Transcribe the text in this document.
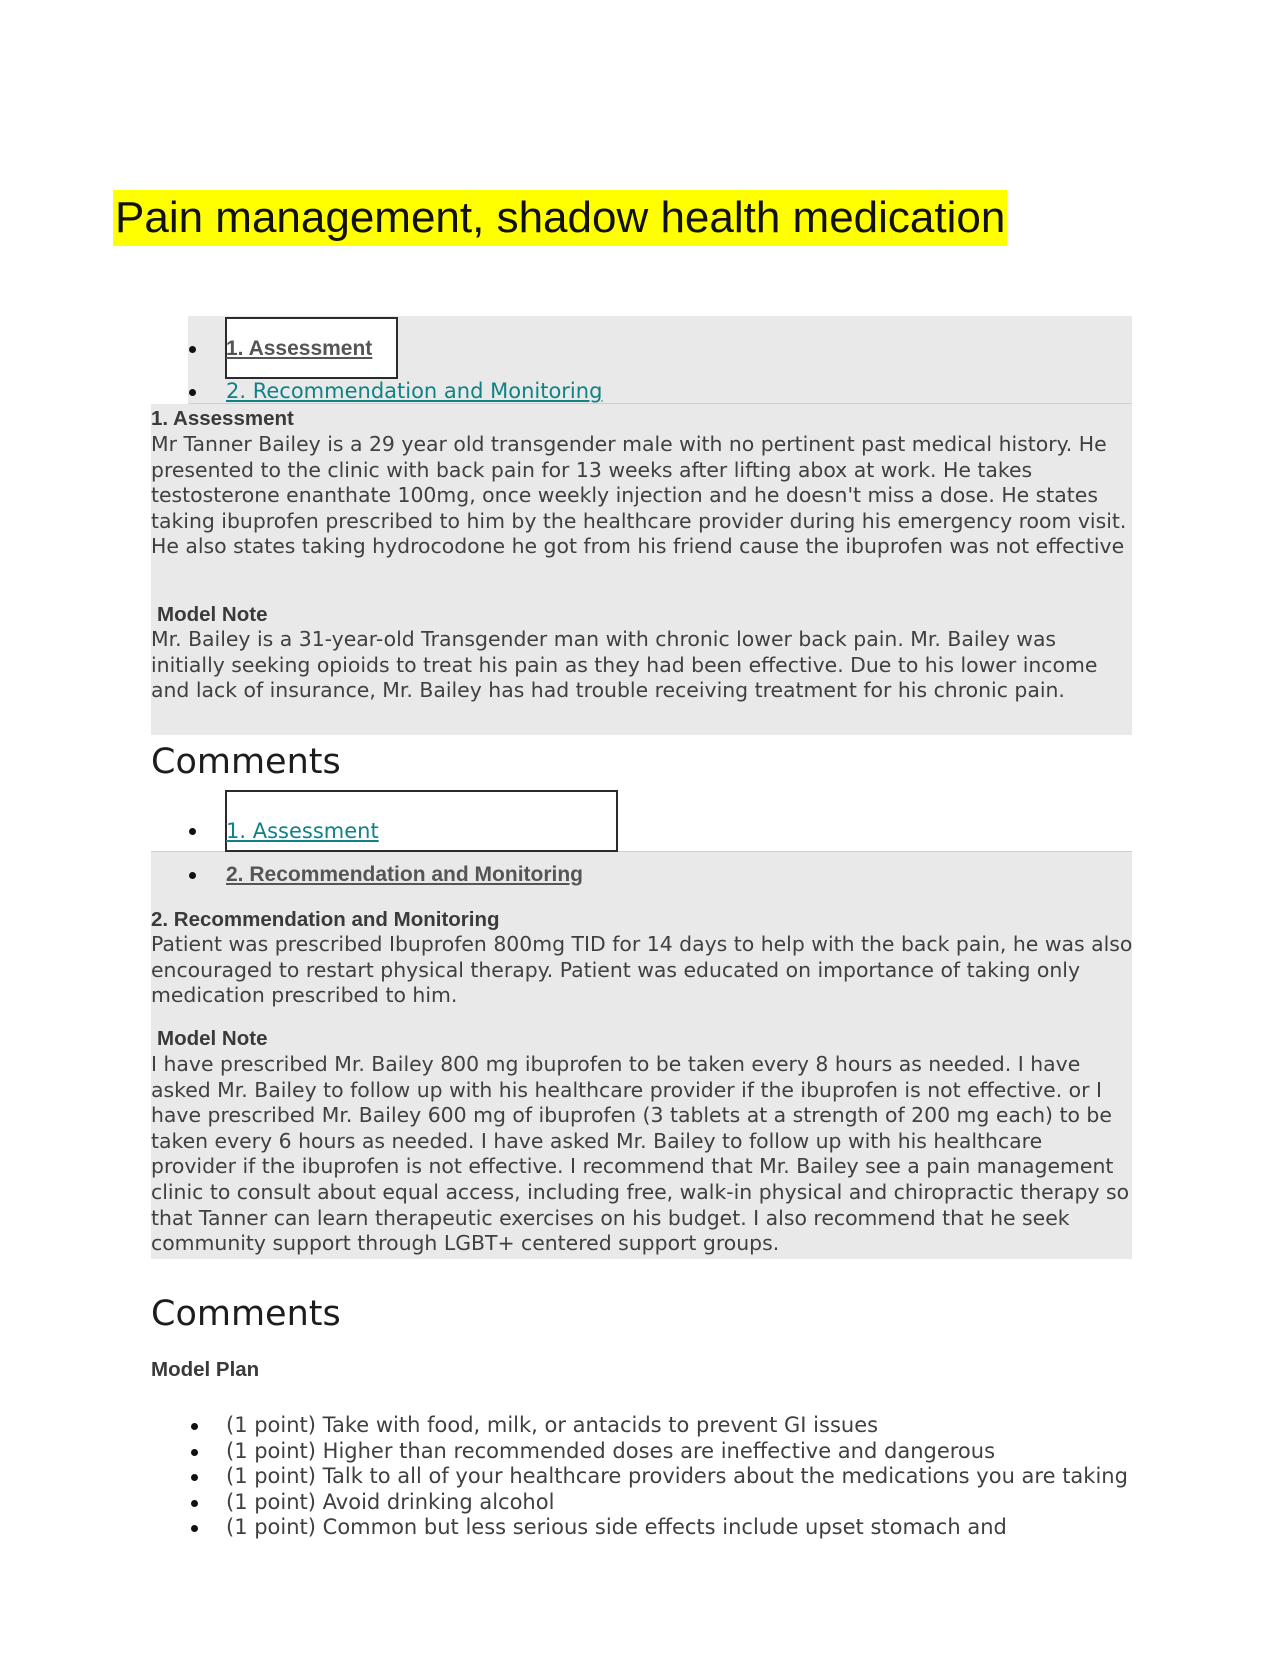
Pain management, shadow health medication
1. Assessment
2. Recommendation and Monitoring
1. Assessment

Mr Tanner Bailey is a 29 year old transgender male with no pertinent past medical history. He presented to the clinic with back pain for 13 weeks after lifting abox at work. He takes testosterone enanthate 100mg, once weekly injection and he doesn't miss a dose. He states taking ibuprofen prescribed to him by the healthcare provider during his emergency room visit. He also states taking hydrocodone he got from his friend cause the ibuprofen was not effective

Model Note

Mr. Bailey is a 31-year-old Transgender man with chronic lower back pain. Mr. Bailey was initially seeking opioids to treat his pain as they had been effective. Due to his lower income and lack of insurance, Mr. Bailey has had trouble receiving treatment for his chronic pain.

Comments
1. Assessment
2. Recommendation and Monitoring
2. Recommendation and Monitoring

Patient was prescribed Ibuprofen 800mg TID for 14 days to help with the back pain, he was also encouraged to restart physical therapy. Patient was educated on importance of taking only medication prescribed to him.

Model Note

I have prescribed Mr. Bailey 800 mg ibuprofen to be taken every 8 hours as needed. I have asked Mr. Bailey to follow up with his healthcare provider if the ibuprofen is not effective. or I have prescribed Mr. Bailey 600 mg of ibuprofen (3 tablets at a strength of 200 mg each) to be taken every 6 hours as needed. I have asked Mr. Bailey to follow up with his healthcare provider if the ibuprofen is not effective. I recommend that Mr. Bailey see a pain management clinic to consult about equal access, including free, walk-in physical and chiropractic therapy so that Tanner can learn therapeutic exercises on his budget. I also recommend that he seek community support through LGBT+ centered support groups.

Comments
Model Plan
(1 point) Take with food, milk, or antacids to prevent GI issues
(1 point) Higher than recommended doses are ineffective and dangerous
(1 point) Talk to all of your healthcare providers about the medications you are taking
(1 point) Avoid drinking alcohol
(1 point) Common but less serious side effects include upset stomach and
